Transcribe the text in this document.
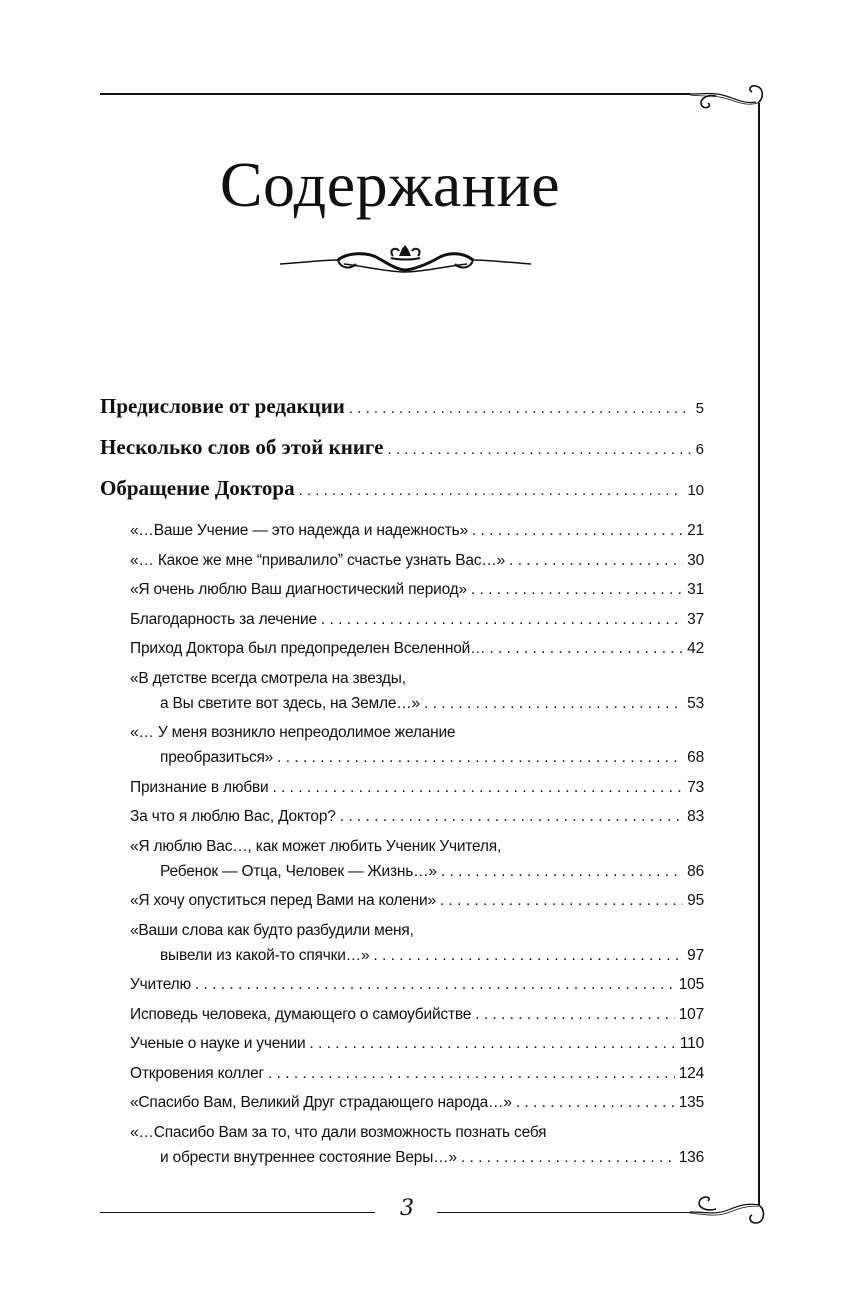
Содержание
Предисловие от редакции . . .	5
Несколько слов об этой книге . . .	6
Обращение Доктора . . .	10
«…Ваше Учение — это надежда и надежность» . . .	21
«… Какое же мне “привалило” счастье узнать Вас…» . . .	30
«Я очень люблю Ваш диагностический период» . . .	31
Благодарность за лечение . . .	37
Приход Доктора был предопределен Вселенной… . . .	42
«В детстве всегда смотрела на звезды,
а Вы светите вот здесь, на Земле…» . . .	53
«… У меня возникло непреодолимое желание
преобразиться» . . .	68
Признание в любви . . .	73
За что я люблю Вас, Доктор? . . .	83
«Я люблю Вас…, как может любить Ученик Учителя,
Ребенок — Отца, Человек — Жизнь…» . . .	86
«Я хочу опуститься перед Вами на колени» . . .	95
«Ваши слова как будто разбудили меня,
вывели из какой-то спячки…» . . .	97
Учителю . . .	105
Исповедь человека, думающего о самоубийстве . . .	107
Ученые о науке и учении . . .	110
Откровения коллег . . .	124
«Спасибо Вам, Великий Друг страдающего народа…» . . .	135
«…Спасибо Вам за то, что дали возможность познать себя
и обрести внутреннее состояние Веры…» . . .	136
3
